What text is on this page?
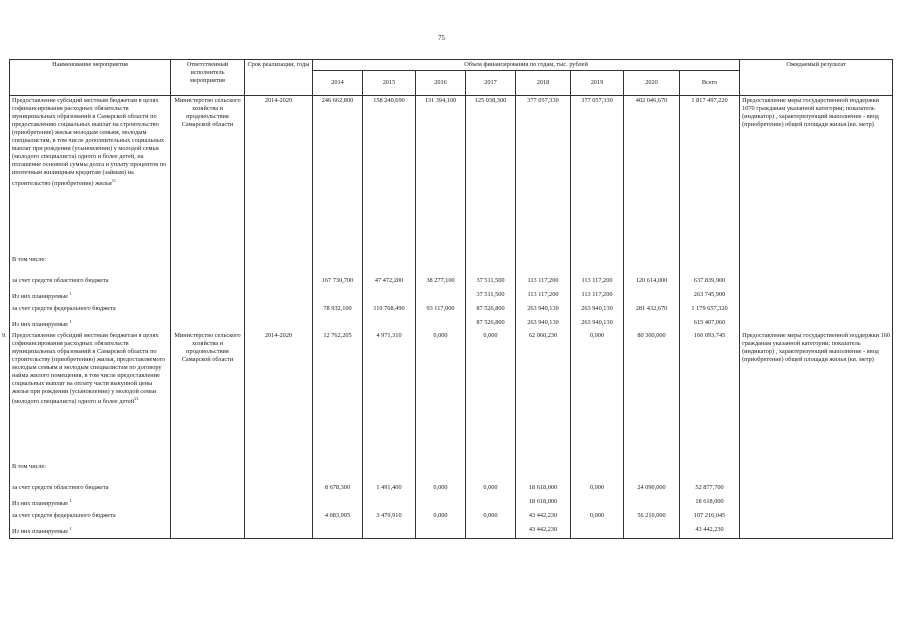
75
Наименование мероприятия	Ответственный исполнитель мероприятия	Срок реализации, годы	Объем финансирования по годам, тыс. рублей								Ожидаемый результат
			2014	2015	2016	2017	2018	2019	2020	Всего	

Предоставление субсидий местным бюджетам в целях софинансирования расходных обязательств муниципальных образований в Самарской области по предоставлению социальных выплат на строительство (приобретение) жилья молодым семьям, молодым специалистам, в том числе дополнительных социальных выплат при рождении (усыновлении) у молодой семьи (молодого специалиста) одного и более детей, на погашение основной суммы долга и уплату процентов по ипотечным жилищным кредитам (займам) на строительство (приобретение) жилья$^{11}$	Министерство сельского хозяйства и продовольствия Самарской области	2014-2020	246 662,800	158 240,690	131 394,100	125 038,300	377 057,330	377 057,330	402 046,670	1 817 497,220	Предоставление меры государственной поддержки 1070 гражданам указанной категории; показатель (индикатор) , характеризующий выполнение - ввод (приобретение) общей площади жилья (кв. метр)
В том числе:											
за счет средств областного бюджета			167 730,700	47 472,200	38 277,100	37 511,500	113 117,200	113 117,200	120 614,000	637 839,900	
Из них планируемые $^1$						37 511,500	113 117,200	113 117,200		263 745,900	
за счет средств федерального бюджета			78 932,100	110 768,490	93 117,000	87 526,800	263 940,130	263 940,130	281 432,670	1 179 657,320	
Из них планируемые $^1$						87 526,800	263 940,130	263 940,130		615 407,060	

9. Предоставление субсидий местным бюджетам в целях софинансирования расходных обязательств муниципальных образований в Самарской области по строительству (приобретению) жилья, предоставляемого молодым семьям и молодым специалистам по договору найма жилого помещения, в том числе предоставление социальных выплат на оплату части выкупной цены жилья при рождении (усыновлении) у молодой семьи (молодого специалиста) одного и более детей$^{21}$	Министерство сельского хозяйства и продовольствия Самарской области	2014-2020	12 762,205	4 971,310	0,000	0,000	62 060,230	0,000	80 300,000	160 093,745	Предоставление меры государственной поддержки 160 гражданам указанной категории; показатель (индикатор) , характеризующий выполнение - ввод (приобретение) общей площади жилья (кв. метр)
В том числе:											
за счет средств областного бюджета			8 678,300	1 491,400	0,000	0,000	18 618,000	0,000	24 090,000	52 877,700	
Из них планируемые $^1$							18 618,000			18 618,000	
за счет средств федерального бюджета			4 083,905	3 479,910	0,000	0,000	43 442,230	0,000	56 210,000	107 216,045	
Из них планируемые $^1$							43 442,230			43 442,230	
